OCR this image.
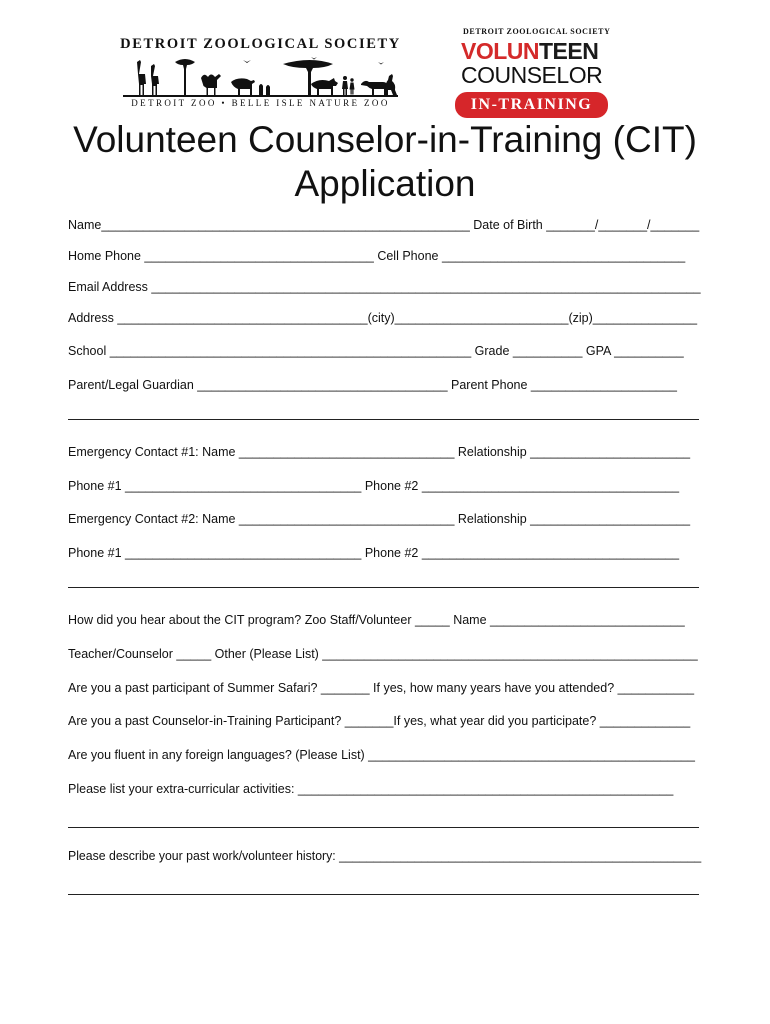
DETROIT ZOOLOGICAL SOCIETY
DETROIT ZOO • BELLE ISLE NATURE ZOO
DETROIT ZOOLOGICAL SOCIETY
VOLUNTEEN
COUNSELOR
IN-TRAINING
Volunteen Counselor-in-Training (CIT)
Application
Name_____________________________________________________ Date of Birth _______/_______/_______
Home Phone _________________________________ Cell Phone ___________________________________
Email Address _______________________________________________________________________________
Address ____________________________________(city)_________________________(zip)_______________
School ____________________________________________________ Grade __________ GPA __________
Parent/Legal Guardian ____________________________________ Parent Phone _____________________
Emergency Contact #1: Name _______________________________ Relationship _______________________
Phone #1 __________________________________ Phone #2 _____________________________________
Emergency Contact #2: Name _______________________________ Relationship _______________________
Phone #1 __________________________________ Phone #2 _____________________________________
How did you hear about the CIT program? Zoo Staff/Volunteer _____ Name ____________________________
Teacher/Counselor _____ Other (Please List) ______________________________________________________
Are you a past participant of Summer Safari? _______ If yes, how many years have you attended? ___________
Are you a past Counselor-in-Training Participant? _______If yes, what year did you participate? _____________
Are you fluent in any foreign languages? (Please List) _______________________________________________
Please list your extra-curricular activities: ______________________________________________________
Please describe your past work/volunteer history: _____________________________________________________
